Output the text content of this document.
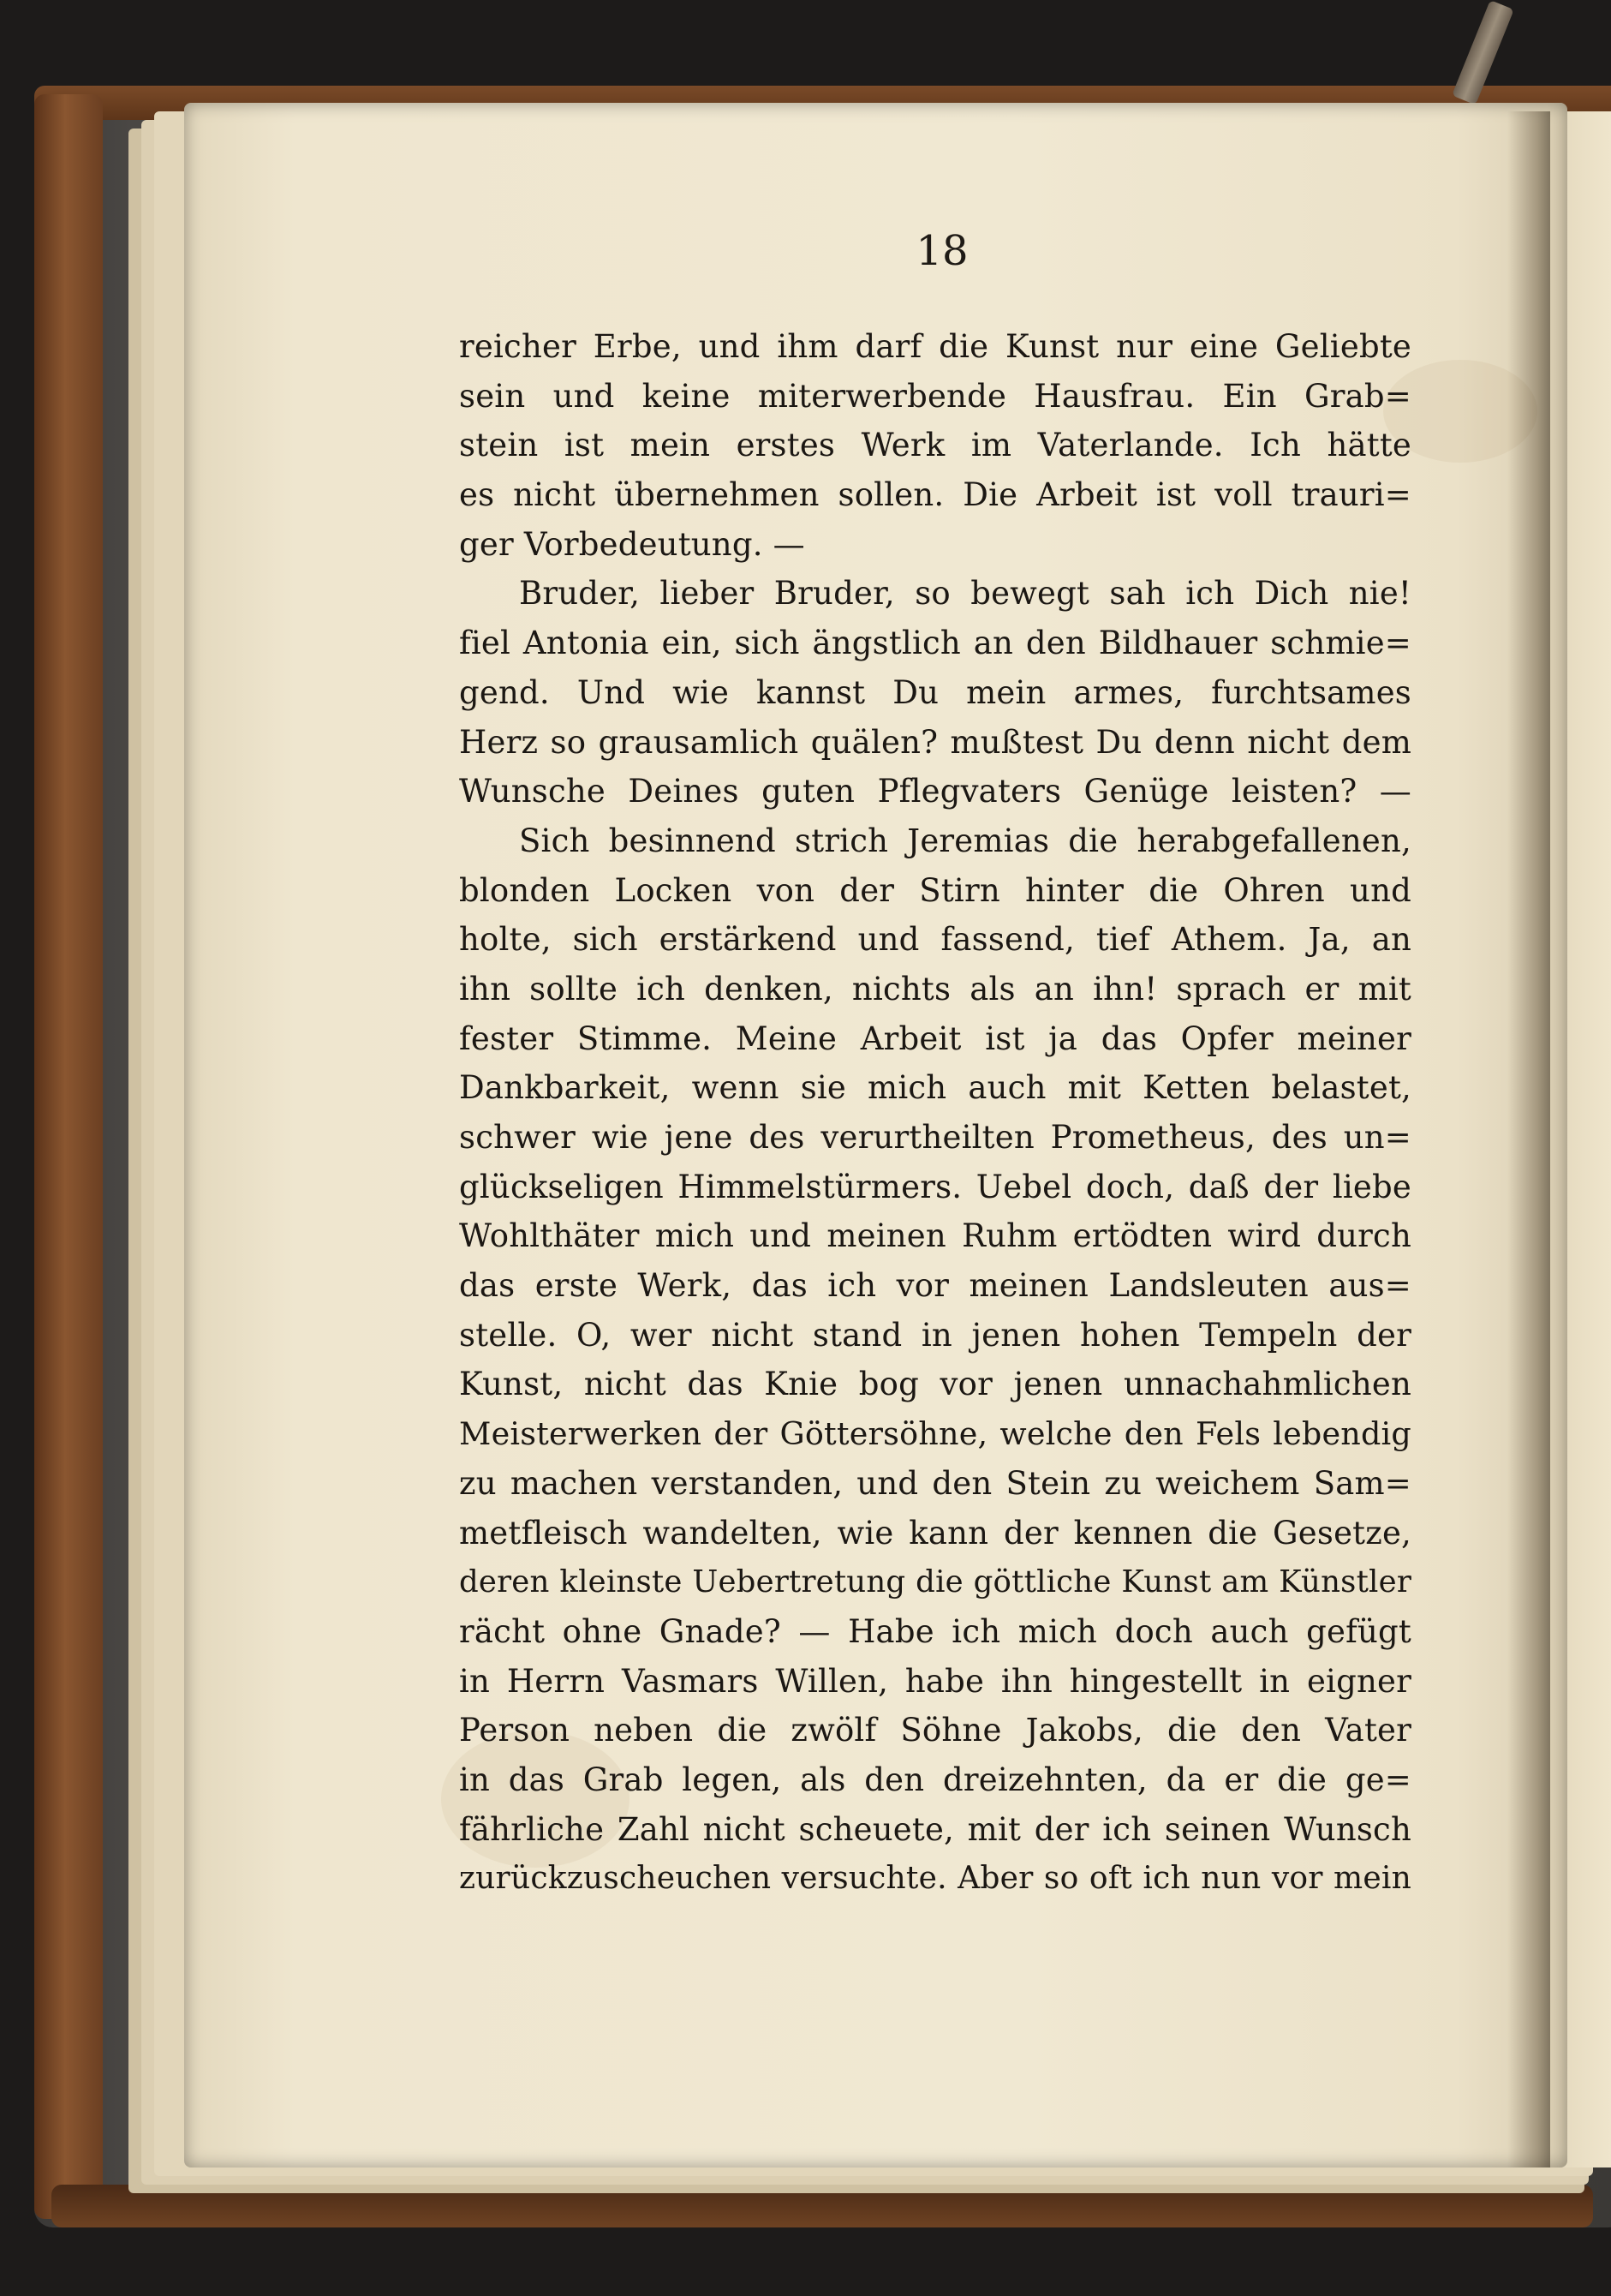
18

reicher Erbe, und ihm darf die Kunst nur eine Geliebte
sein und keine miterwerbende Hausfrau. Ein Grab=
stein ist mein erstes Werk im Vaterlande. Ich hätte
es nicht übernehmen sollen. Die Arbeit ist voll trauri=
ger Vorbedeutung. —
Bruder, lieber Bruder, so bewegt sah ich Dich nie!
fiel Antonia ein, sich ängstlich an den Bildhauer schmie=
gend. Und wie kannst Du mein armes, furchtsames
Herz so grausamlich quälen? mußtest Du denn nicht dem
Wunsche Deines guten Pflegvaters Genüge leisten? —
Sich besinnend strich Jeremias die herabgefallenen,
blonden Locken von der Stirn hinter die Ohren und
holte, sich erstärkend und fassend, tief Athem. Ja, an
ihn sollte ich denken, nichts als an ihn! sprach er mit
fester Stimme. Meine Arbeit ist ja das Opfer meiner
Dankbarkeit, wenn sie mich auch mit Ketten belastet,
schwer wie jene des verurtheilten Prometheus, des un=
glückseligen Himmelstürmers. Uebel doch, daß der liebe
Wohlthäter mich und meinen Ruhm ertödten wird durch
das erste Werk, das ich vor meinen Landsleuten aus=
stelle. O, wer nicht stand in jenen hohen Tempeln der
Kunst, nicht das Knie bog vor jenen unnachahmlichen
Meisterwerken der Göttersöhne, welche den Fels lebendig
zu machen verstanden, und den Stein zu weichem Sam=
metfleisch wandelten, wie kann der kennen die Gesetze,
deren kleinste Uebertretung die göttliche Kunst am Künstler
rächt ohne Gnade? — Habe ich mich doch auch gefügt
in Herrn Vasmars Willen, habe ihn hingestellt in eigner
Person neben die zwölf Söhne Jakobs, die den Vater
in das Grab legen, als den dreizehnten, da er die ge=
fährliche Zahl nicht scheuete, mit der ich seinen Wunsch
zurückzuscheuchen versuchte. Aber so oft ich nun vor mein
